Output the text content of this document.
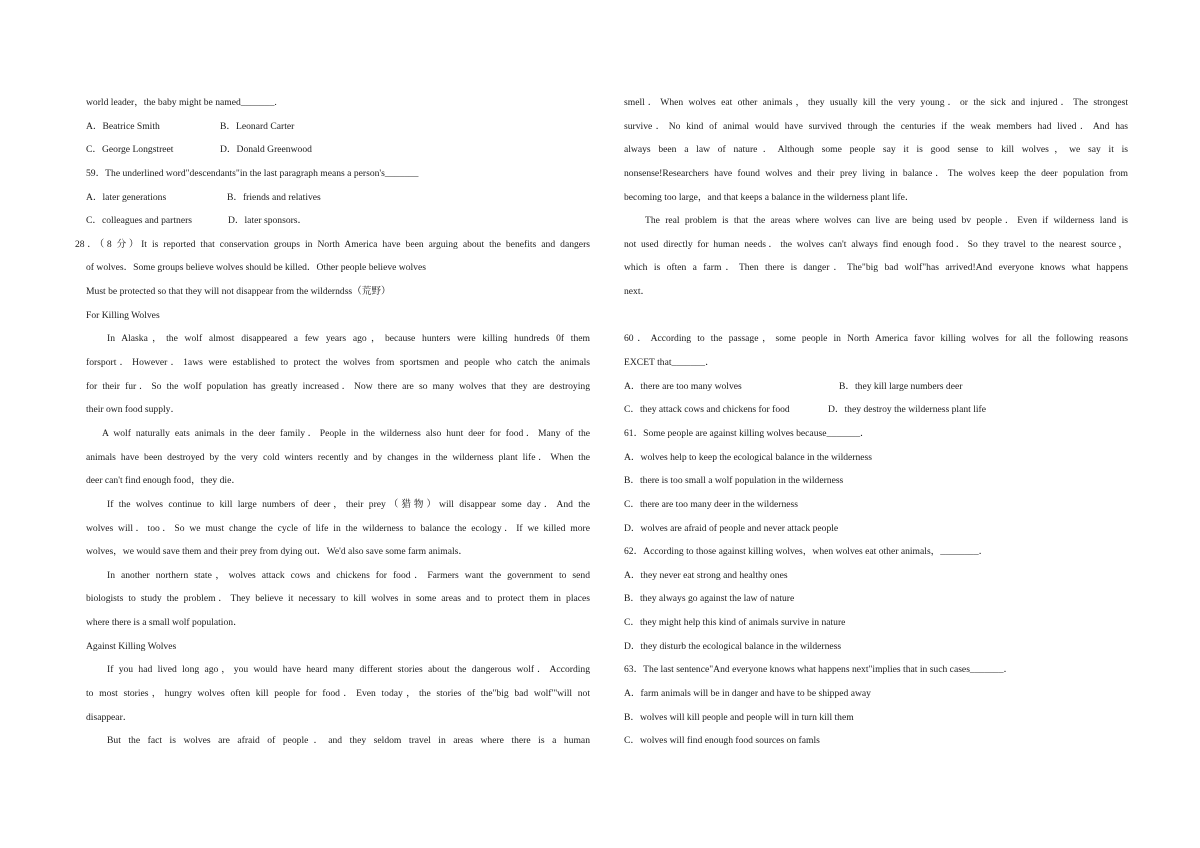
world leader，the baby might be named_______.
A．Beatrice Smith	B．Leonard Carter
C．George Longstreet	D．Donald Greenwood
59．The underlined word"descendants"in the last paragraph means a person's_______
A．later generations	B．friends and relatives
C．colleagues and partners	D．later sponsors．
28．（8 分）It is reported that conservation groups in North America have been arguing about the benefits and dangers
of wolves．Some groups believe wolves should be killed．Other people believe wolves
Must be protected so that they will not disappear from the wilderndss（荒野）
For Killing Wolves
In Alaska，the wolf almost disappeared a few years ago，because hunters were killing hundreds 0f them
forsport．However．1aws were established to protect the wolves from sportsmen and people who catch the animals
for their fur．So the woIf population has greatly increased．Now there are so many wolves that they are destroying
their own food supply．
A wolf naturally eats animals in the deer family．People in the wilderness also hunt deer for food．Many of the
animals have been destroyed by the very cold winters recently and by changes in the wilderness plant life．When the
deer can't find enough food，they die．
If the wolves continue to kill large numbers of deer，their prey（猎物）will disappear some day．And the
wolves will．too．So we must change the cycle of life in the wilderness to balance the ecology．If we killed more
wolves，we would save them and their prey from dying out．We'd also save some farm animals．
In another northern state，wolves attack cows and chickens for food．Farmers want the government to send
biologists to study the problem．They believe it necessary to kill wolves in some areas and to protect them in places
where there is a small wolf population．
Against Killing Wolves
If you had lived long ago，you would have heard many different stories about the dangerous wolf．According
to most stories，hungry wolves often kill people for food．Even today，the stories of the"big bad wolf"'will not
disappear．
But the fact is wolves are afraid of people．and they seldom travel in areas where there is a human
smell．When wolves eat other animals，they usually kill the very young．or the sick and injured．The strongest
survive．No kind of animal would have survived through the centuries if the weak members had lived．And has
always been a law of nature．Although some people say it is good sense to kill wolves，we say it is
nonsense!Researchers have found wolves and their prey living in balance．The wolves keep the deer population from
becoming too large，and that keeps a balance in the wilderness plant life．
The real problem is that the areas where wolves can live are being used bv people．Even if wilderness land is
not used directly for human needs．the wolves can't always find enough food．So they travel to the nearest source，
which is often a farm．Then there is danger．The"big bad wolf"has arrived!And everyone knows what happens
next．
60．According to the passage，some people in North America favor killing wolves for all the following reasons
EXCET that_______．
A．there are too many wolves	B．they kill large numbers deer
C．they attack cows and chickens for food	D．they destroy the wilderness plant life
61．Some people are against killing wolves because_______．
A．wolves help to keep the ecological balance in the wilderness
B．there is too small a wolf population in the wilderness
C．there are too many deer in the wilderness
D．wolves are afraid of people and never attack people
62．According to those against killing wolves，when wolves eat other animals，________．
A．they never eat strong and healthy ones
B．they always go against the law of nature
C．they might help this kind of animals survive in nature
D．they disturb the ecological balance in the wilderness
63．The last sentence"And everyone knows what happens next"implies that in such cases_______．
A．farm animals will be in danger and have to be shipped away
B．wolves will kill people and people will in turn kill them
C．wolves will find enough food sources on famls
